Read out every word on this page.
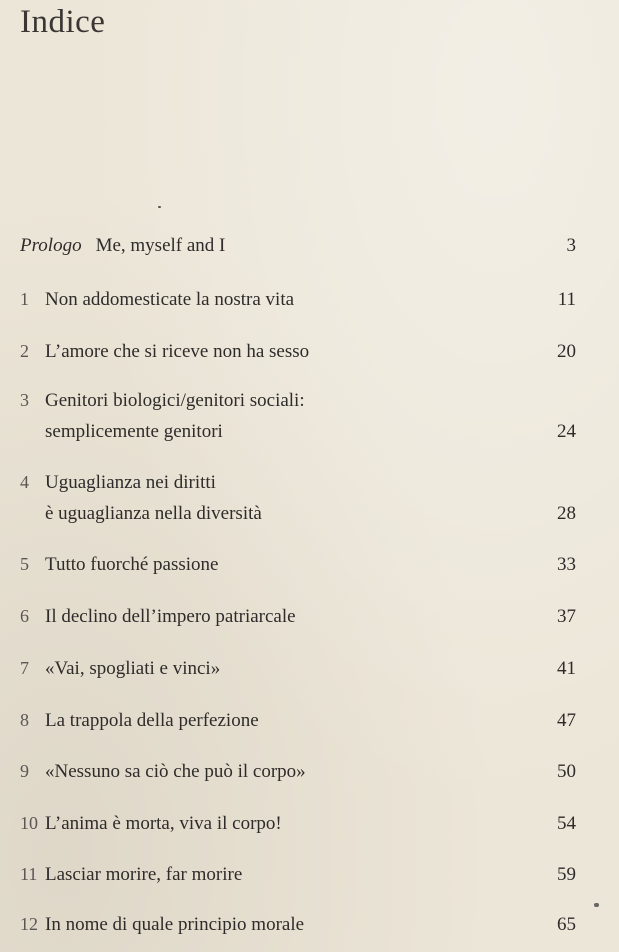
Indice
Prologo Me, myself and I	3
1 Non addomesticate la nostra vita	11
2 L’amore che si riceve non ha sesso	20
3 Genitori biologici/genitori sociali:
semplicemente genitori	24
4 Uguaglianza nei diritti
è uguaglianza nella diversità	28
5 Tutto fuorché passione	33
6 Il declino dell’impero patriarcale	37
7 «Vai, spogliati e vinci»	41
8 La trappola della perfezione	47
9 «Nessuno sa ciò che può il corpo»	50
10 L’anima è morta, viva il corpo!	54
11 Lasciar morire, far morire	59
12 In nome di quale principio morale	65
